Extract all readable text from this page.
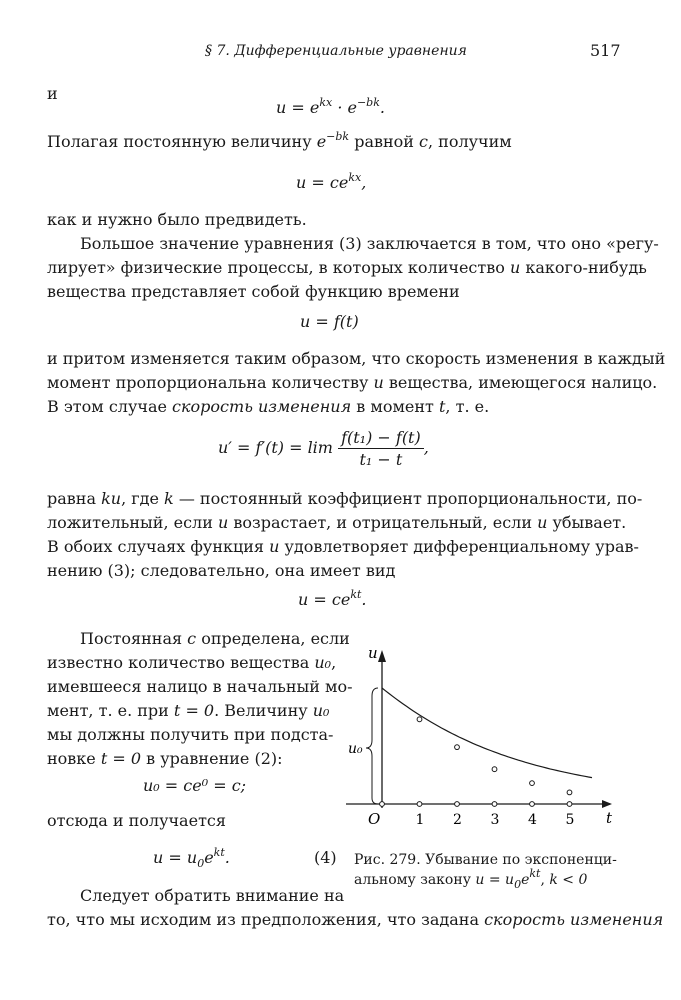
§ 7. Дифференциальные уравнения	517
и
$u = e^{kx} \cdot e^{-bk}$.
Полагая постоянную величину $e^{-bk}$ равной c, получим
$u = ce^{kx}$,
как и нужно было предвидеть.
Большое значение уравнения (3) заключается в том, что оно «регу-
лирует» физические процессы, в которых количество u какого-нибудь
вещества представляет собой функцию времени
u = f(t)
и притом изменяется таким образом, что скорость изменения в каждый
момент пропорциональна количеству u вещества, имеющегося налицо.
В этом случае скорость изменения в момент t, т. е.
$u' = f'(t) = \lim \frac{\text{f(t₁) − f(t)}}{\text{t₁ − t}}$ ,
равна ku, где k — постоянный коэффициент пропорциональности, по-
ложительный, если u возрастает, и отрицательный, если u убывает.
В обоих случаях функция u удовлетворяет дифференциальному урав-
нению (3); следовательно, она имеет вид
$u = ce^{kt}$.
Постоянная c определена, если
известно количество вещества u₀,
имевшееся налицо в начальный мо-
мент, т. е. при t = 0. Величину u₀
мы должны получить при подста-
новке t = 0 в уравнение (2):
u₀ = ce⁰ = c;
отсюда и получается
$u = u_0e^{kt}$.	(4)
Следует обратить внимание на
то, что мы исходим из предположения, что задана скорость изменения
u
t
O
u₀
1 2 3 4 5
Рис. 279. Убывание по экспоненци-
альному закону $u = u_0e^{kt}$, k < 0
